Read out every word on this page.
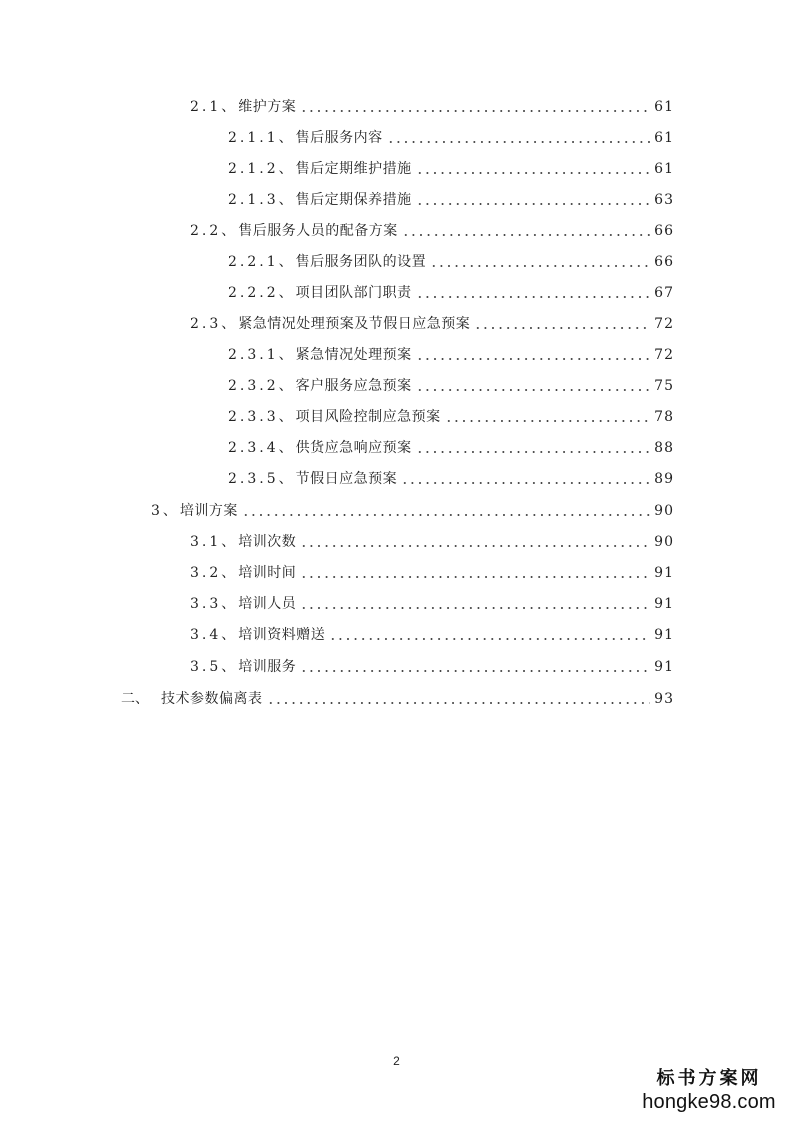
2.1、 维护方案	61
2.1.1、 售后服务内容	61
2.1.2、 售后定期维护措施	61
2.1.3、 售后定期保养措施	63
2.2、 售后服务人员的配备方案	66
2.2.1、 售后服务团队的设置	66
2.2.2、 项目团队部门职责	67
2.3、 紧急情况处理预案及节假日应急预案	72
2.3.1、 紧急情况处理预案	72
2.3.2、 客户服务应急预案	75
2.3.3、 项目风险控制应急预案	78
2.3.4、 供货应急响应预案	88
2.3.5、 节假日应急预案	89
3、 培训方案	90
3.1、 培训次数	90
3.2、 培训时间	91
3.3、 培训人员	91
3.4、 培训资料赠送	91
3.5、 培训服务	91
二、 技术参数偏离表	93
2
标书方案网
hongke98.com
